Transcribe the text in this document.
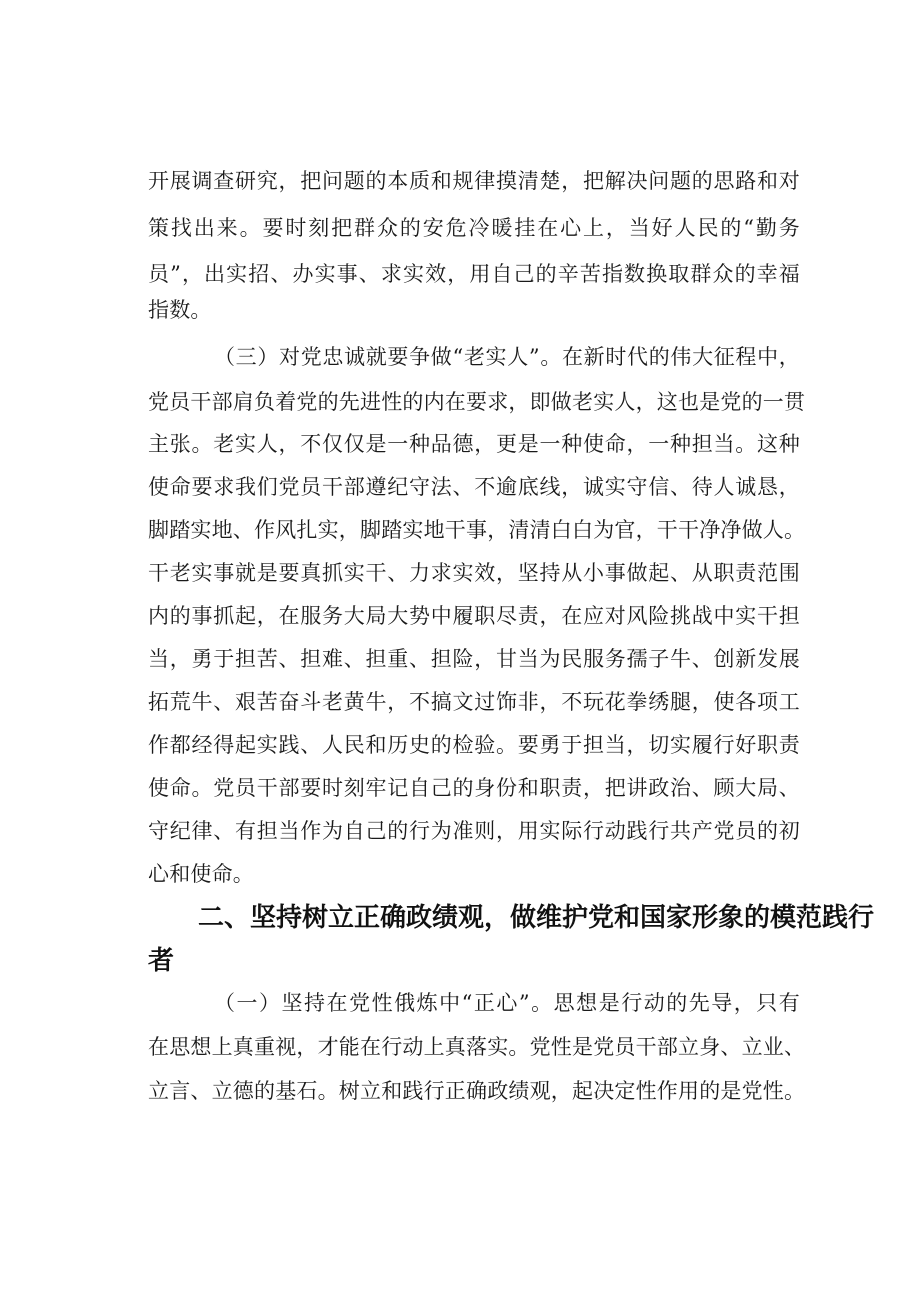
开展调查研究，把问题的本质和规律摸清楚，把解决问题的思路和对

策找出来。要时刻把群众的安危冷暖挂在心上，当好人民的“勤务

员”，出实招、办实事、求实效，用自己的辛苦指数换取群众的幸福

指数。

（三）对党忠诚就要争做“老实人”。在新时代的伟大征程中，

党员干部肩负着党的先进性的内在要求，即做老实人，这也是党的一贯

主张。老实人，不仅仅是一种品德，更是一种使命，一种担当。这种

使命要求我们党员干部遵纪守法、不逾底线，诚实守信、待人诚恳，

脚踏实地、作风扎实，脚踏实地干事，清清白白为官，干干净净做人。

干老实事就是要真抓实干、力求实效，坚持从小事做起、从职责范围

内的事抓起，在服务大局大势中履职尽责，在应对风险挑战中实干担

当，勇于担苦、担难、担重、担险，甘当为民服务孺子牛、创新发展

拓荒牛、艰苦奋斗老黄牛，不搞文过饰非，不玩花拳绣腿，使各项工

作都经得起实践、人民和历史的检验。要勇于担当，切实履行好职责

使命。党员干部要时刻牢记自己的身份和职责，把讲政治、顾大局、

守纪律、有担当作为自己的行为准则，用实际行动践行共产党员的初

心和使命。

二、坚持树立正确政绩观，做维护党和国家形象的模范践行
者

（一）坚持在党性俄炼中“正心”。思想是行动的先导，只有

在思想上真重视，才能在行动上真落实。党性是党员干部立身、立业、

立言、立德的基石。树立和践行正确政绩观，起决定性作用的是党性。
